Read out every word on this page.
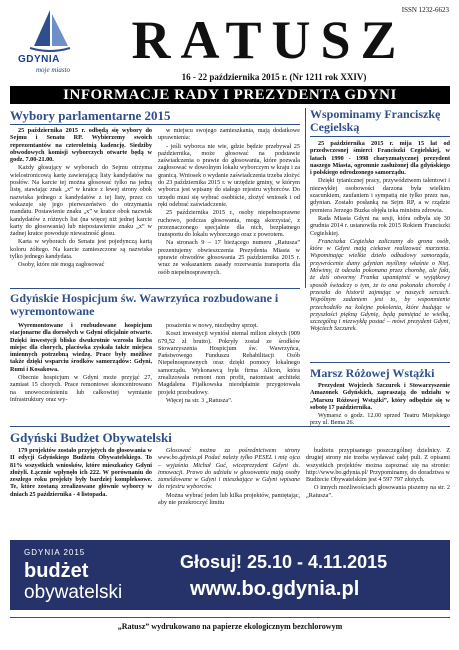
GDYNIA
moje miasto
ISSN 1232-6623
RATUSZ
16 - 22 października 2015 r. (Nr 1211 rok XXIV)
INFORMACJE RADY I PREZYDENTA GDYNI
Wybory parlamentarne 2015

25 października 2015 r. odbędą się wybory do Sejmu i Senatu RP. Wybierzemy swoich reprezentantów na czteroletnią kadencję. Siedziby obwodowych komisji wyborczych otwarte będą w godz. 7.00-21.00.

Każdy głosujący w wyborach do Sejmu otrzyma wielostronicową kartę zawierającą listy kandydatów na posłów. Na karcie tej można głosować tylko na jedną listę, stawiając znak „x” w kratce z lewej strony obok nazwiska jednego z kandydatów z tej listy, przez co wskazuje się jego pierwszeństwo do otrzymania mandatu. Postawienie znaku „x” w kratce obok nazwisk kandydatów z różnych list (na więcej niż jednej karcie karty do głosowania) lub niepostawienie znaku „x” w żadnej kratce powoduje nieważność głosu.

Karta w wyborach do Senatu jest pojedynczą kartą koloru żółtego. Na karcie zamieszczone są nazwiska tylko jednego kandydata.

Osoby, które nie mogą zagłosować

w miejscu swojego zamieszkania, mają dodatkowe uprawnienia:

- jeśli wyborca nie wie, gdzie będzie przebywał 25 października, może głosować na podstawie zaświadczenia o prawie do głosowania, które pozwala zagłosować w dowolnym lokalu wyborczym w kraju i za granicą. Wniosek o wydanie zaświadczenia trzeba złożyć do 23 października 2015 r. w urzędzie gminy, w którym wyborca jest wpisany do stałego rejestru wyborców. Do urzędu musi się wybrać osobiście, złożyć wniosek i od ręki odebrać zaświadczenie.

25 października 2015 r., osoby niepełnosprawne ruchowo, podczas głosowania, mogą skorzystać, z przeznaczonego specjalnie dla nich, bezpłatnego transportu do lokalu wyborczego oraz z powrotem.

Na stronach 9 – 17 bieżącego numeru „Ratusza” prezentujemy obwieszczenia Prezydenta Miasta w sprawie obwodów głosowania 25 października 2015 r. wraz ze wskazaniem zasady rozerwania transportu dla osób niepełnosprawnych.

Wspominamy Franciszkę Cegielską

25 października 2015 r. mija 15 lat od przedwczesnej śmierci Franciszki Cegielskiej, w latach 1990 - 1998 charyzmatycznej prezydent naszego Miasta, ogromnie zasłużonej dla gdyńskiego i polskiego odrodzonego samorządu.

Dzięki tytanicznej pracy, przywództwem talentowi i niezwykłej osobowości darzona była wielkim szacunkiem, zaufaniem i sympatią nie tylko przez nas, gdynian. Zostało posłanką na Sejm RP, a w rządzie premiera Jerzego Buzka objęła teka ministra zdrowia.

Rada Miasta Gdyni na sesji, która odbyła się 30 grudnia 2014 r. ustanowiła rok 2015 Rokiem Franciszki Cegielskiej.

Franciszka Cegielska zaliczamy do grona osób, które w Gdyni mają ciekawe realizować marzenia. Wspominając wielkie dzieło odbudowy samorządu, przywrócenie dumy gdynian myślimy właśnie o Niej. Mówimy, iż odeszła pokonana przez chorobę, ale fakt, że dziś otwormy Franka upamiętnić w wyjątkowy sposób świadczy o tym, że to ona pokonała chorobę i przeszła do historii zajmując w naszych sercach. Wspólnym zadaniem jest to, by wspomnienie przechodziło na kolejne pokolenia, które budując w przyszłości piękną Gdynię, będą pamiętać te wielką, szczególną i niezwykłą postać – mówi prezydent Gdyni, Wojciech Szczurek.

Gdyńskie Hospicjum św. Wawrzyńca rozbudowane i wyremontowane

Wyremontowane i rozbudowane hospicjum stacjonarne dla dorosłych w Gdyni oficjalnie otwarte. Dzięki inwestycji blisko dwukrotnie wzrosła liczba miejsc dla chorych, placówka zyskała także miejsca imiennych potrzebną wiedzę. Prace były możliwe także dzięki wsparciu środków samorządów: Gdyni, Rumi i Kosakowa.

Obecnie hospicjum w Gdyni może przyjąć 27, zamiast 15 chorych. Prace remontowe skoncentrowano na unowocześnieniu lub całkowitej wymianie infrastruktury oraz wy-

posażeniu w nowy, niezbędny sprzęt.

Koszt inwestycji wyniósł niemal milion złotych (909 679,52 zł brutto). Pokryły został ze środków Stowarzyszenia Hospicjum św. Wawrzyńca, Państwowego Funduszu Rehabilitacji Osób Niepełnosprawnych oraz dzięki pomocy lokalnego samorządu. Wykonawcą była firma Allcon, która zrealizowała remont non profit, natomiast architekt Magdalena Fijałkowska nieodpłatnie przygotowała projekt przebudowy.

Więcej na str. 3 „Ratusza”.

Marsz Różowej Wstążki

Prezydent Wojciech Szczurek i Stowarzyszenie Amazonek Gdyńskich, zapraszają do udziału w „Marszu Różowej Wstążki”, który odbędzie się w sobotę 17 października.

Wymarsz o godz. 12.00 sprzed Teatru Miejskiego przy ul. Bema 26.

Gdyński Budżet Obywatelski

179 projektów zostało przyjętych do głosowania w II edycji Gdyńskiego Budżetu Obywatelskiego. To 81% wszystkich wniosków, które mieszkańcy Gdyni złożyli. Łącznie wpłynęło ich 222. W porównaniu do zeszłego roku projekty były bardziej kompleksowe. Te, które zostaną zrealizowane głównie wyborcy w dniach 25 października - 4 listopada.

Głosować można za pośrednictwem strony www.bo.gdynia.pl Podać należy tylko PESEL i mię ojca – wyjaśnia Michał Guć, wiceprezydent Gdyni ds. innowacji. Prawo do udziału w głosowaniu mają osoby zameldowane w Gdyni i mieszkające w Gdyni wpisane do rejestru wyborców.

Można wybrać jeden lub kilka projektów, pamiętając, aby nie przekroczyć limitu

budżetu przypisanego poszczególnej dzielnicy. Z drugiej strony nie trzeba wydawać całej puli. Z opisami wszystkich projektów można zapoznać się na stronie: http://www.bo.gdynia.pl/ Przypominamy, do doradztwa w Budżecie Obywatelskim jest 4 597 797 złotych.

O innych możliwościach głosowania piszemy na str. 2 „Ratusza”.

GDYNIA 2015
budżet
obywatelski
Głosuj! 25.10 - 4.11.2015
www.bo.gdynia.pl
„Ratusz” wydrukowano na papierze ekologicznym bezchlorowym
